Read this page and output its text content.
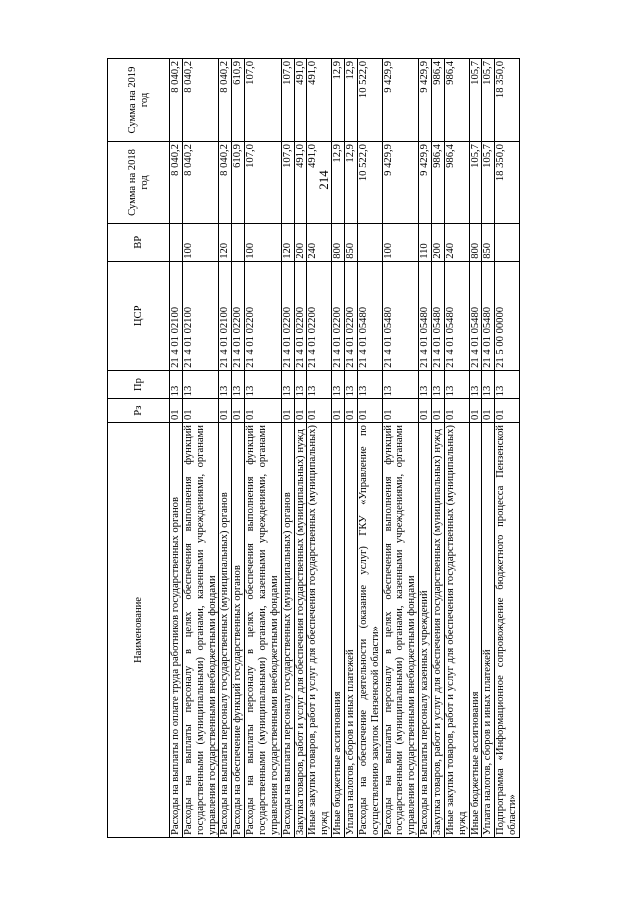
214
Наименование	Рз	Пр	ЦСР	ВР	Сумма на 2018 год	Сумма на 2019 год
Расходы на выплаты по оплате труда работников государственных органов	01	13	21 4 01 02100		8 040,2	8 040,2
Расходы на выплаты персоналу в целях обеспечения выполнения функций государственными (муниципальными) органами, казенными учреждениями, органами управления государственными внебюджетными фондами	01	13	21 4 01 02100	100	8 040,2	8 040,2
Расходы на выплаты персоналу государственных (муниципальных) органов	01	13	21 4 01 02100	120	8 040,2	8 040,2
Расходы на обеспечение функций государственных органов	01	13	21 4 01 02200		610,9	610,9
Расходы на выплаты персоналу в целях обеспечения выполнения функций государственными (муниципальными) органами, казенными учреждениями, органами управления государственными внебюджетными фондами	01	13	21 4 01 02200	100	107,0	107,0
Расходы на выплаты персоналу государственных (муниципальных) органов	01	13	21 4 01 02200	120	107,0	107,0
Закупка товаров, работ и услуг для обеспечения государственных (муниципальных) нужд	01	13	21 4 01 02200	200	491,0	491,0
Иные закупки товаров, работ и услуг для обеспечения государственных (муниципальных) нужд	01	13	21 4 01 02200	240	491,0	491,0
Иные бюджетные ассигнования	01	13	21 4 01 02200	800	12,9	12,9
Уплата налогов, сборов и иных платежей	01	13	21 4 01 02200	850	12,9	12,9
Расходы на обеспечение деятельности (оказание услуг) ГКУ «Управление по осуществлению закупок Пензенской области»	01	13	21 4 01 05480		10 522,0	10 522,0
Расходы на выплаты персоналу в целях обеспечения выполнения функций государственными (муниципальными) органами, казенными учреждениями, органами управления государственными внебюджетными фондами	01	13	21 4 01 05480	100	9 429,9	9 429,9
Расходы на выплаты персоналу казенных учреждений	01	13	21 4 01 05480	110	9 429,9	9 429,9
Закупка товаров, работ и услуг для обеспечения государственных (муниципальных) нужд	01	13	21 4 01 05480	200	986,4	986,4
Иные закупки товаров, работ и услуг для обеспечения государственных (муниципальных) нужд	01	13	21 4 01 05480	240	986,4	986,4
Иные бюджетные ассигнования	01	13	21 4 01 05480	800	105,7	105,7
Уплата налогов, сборов и иных платежей	01	13	21 4 01 05480	850	105,7	105,7
Подпрограмма «Информационное сопровождение бюджетного процесса Пензенской области»	01	13	21 5 00 00000		18 350,0	18 350,0
